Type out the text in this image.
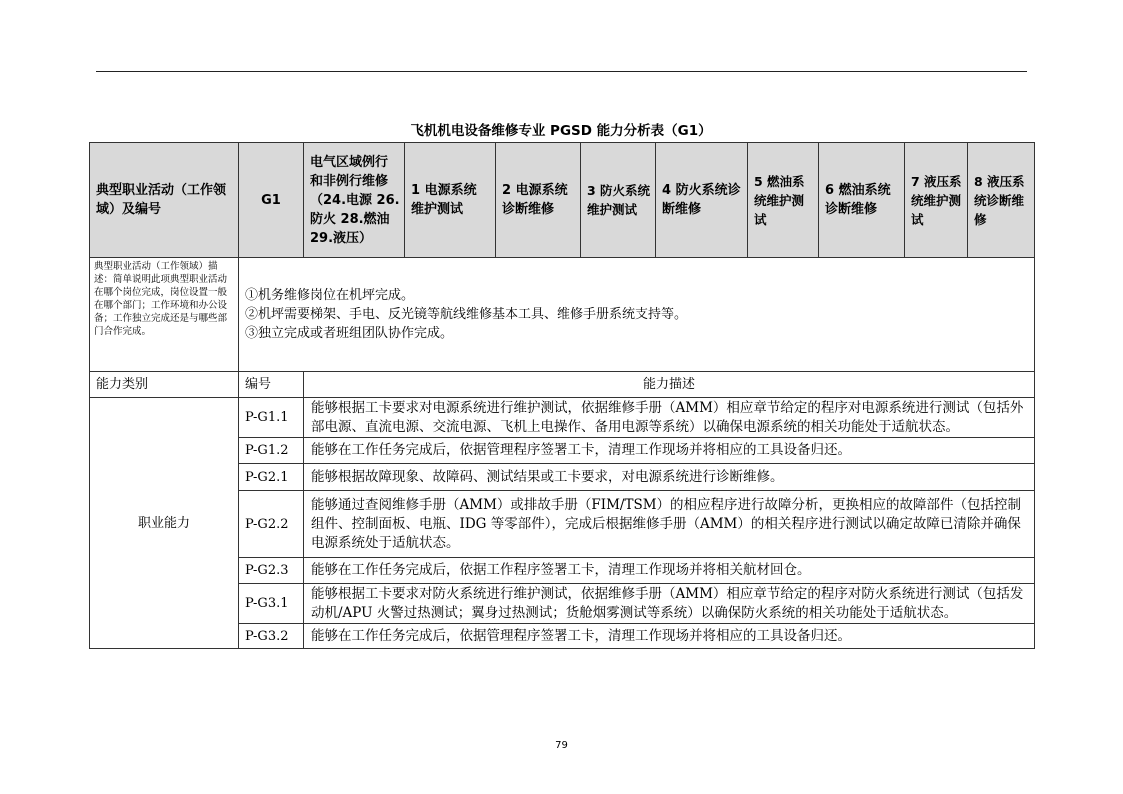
飞机机电设备维修专业 PGSD 能力分析表（G1）
典型职业活动（工作领域）及编号	G1	电气区域例行和非例行维修（24.电源 26.防火 28.燃油 29.液压）	1 电源系统维护测试	2 电源系统诊断维修	3 防火系统维护测试	4 防火系统诊断维修	5 燃油系统维护测试	6 燃油系统诊断维修	7 液压系统维护测试	8 液压系统诊断维修
典型职业活动（工作领域）描述：简单说明此项典型职业活动在哪个岗位完成，岗位设置一般在哪个部门；工作环境和办公设备；工作独立完成还是与哪些部门合作完成。	①机务维修岗位在机坪完成。
②机坪需要梯架、手电、反光镜等航线维修基本工具、维修手册系统支持等。
③独立完成或者班组团队协作完成。									

能力类别	编号	能力描述								
职业能力	P-G1.1	能够根据工卡要求对电源系统进行维护测试，依据维修手册（AMM）相应章节给定的程序对电源系统进行测试（包括外部电源、直流电源、交流电源、飞机上电操作、备用电源等系统）以确保电源系统的相关功能处于适航状态。								
	P-G1.2	能够在工作任务完成后，依据管理程序签署工卡，清理工作现场并将相应的工具设备归还。								
	P-G2.1	能够根据故障现象、故障码、测试结果或工卡要求，对电源系统进行诊断维修。								
	P-G2.2	能够通过查阅维修手册（AMM）或排故手册（FIM/TSM）的相应程序进行故障分析，更换相应的故障部件（包括控制组件、控制面板、电瓶、IDG 等零部件），完成后根据维修手册（AMM）的相关程序进行测试以确定故障已清除并确保电源系统处于适航状态。								
	P-G2.3	能够在工作任务完成后，依据工作程序签署工卡，清理工作现场并将相关航材回仓。								
	P-G3.1	能够根据工卡要求对防火系统进行维护测试，依据维修手册（AMM）相应章节给定的程序对防火系统进行测试（包括发动机/APU 火警过热测试；翼身过热测试；货舱烟雾测试等系统）以确保防火系统的相关功能处于适航状态。								
	P-G3.2	能够在工作任务完成后，依据管理程序签署工卡，清理工作现场并将相应的工具设备归还。								
79
